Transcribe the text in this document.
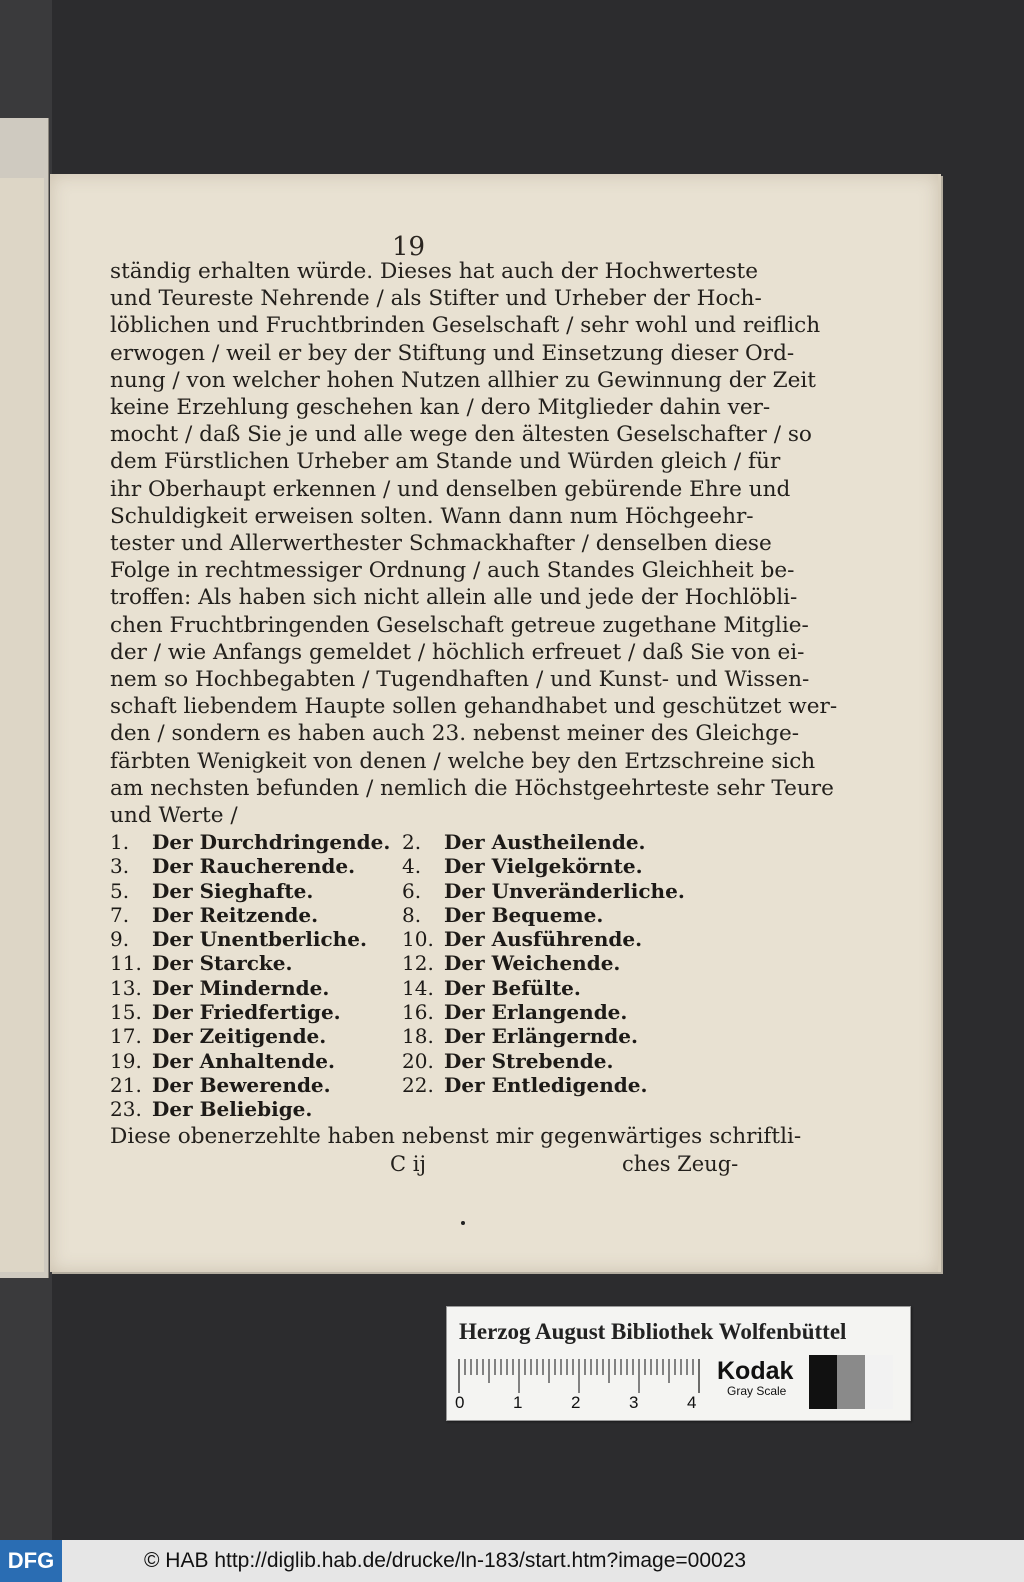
19
ständig erhalten würde. Dieses hat auch der Hochwerteste
und Teureste Nehrende / als Stifter und Urheber der Hoch-
löblichen und Fruchtbrinden Geselschaft / sehr wohl und reiflich
erwogen / weil er bey der Stiftung und Einsetzung dieser Ord-
nung / von welcher hohen Nutzen allhier zu Gewinnung der Zeit
keine Erzehlung geschehen kan / dero Mitglieder dahin ver-
mocht / daß Sie je und alle wege den ältesten Geselschafter / so
dem Fürstlichen Urheber am Stande und Würden gleich / für
ihr Oberhaupt erkennen / und denselben gebürende Ehre und
Schuldigkeit erweisen solten. Wann dann num Höchgeehr-
tester und Allerwerthester Schmackhafter / denselben diese
Folge in rechtmessiger Ordnung / auch Standes Gleichheit be-
troffen: Als haben sich nicht allein alle und jede der Hochlöbli-
chen Fruchtbringenden Geselschaft getreue zugethane Mitglie-
der / wie Anfangs gemeldet / höchlich erfreuet / daß Sie von ei-
nem so Hochbegabten / Tugendhaften / und Kunst- und Wissen-
schaft liebendem Haupte sollen gehandhabet und geschützet wer-
den / sondern es haben auch 23. nebenst meiner des Gleichge-
färbten Wenigkeit von denen / welche bey den Ertzschreine sich
am nechsten befunden / nemlich die Höchstgeehrteste sehr Teure
und Werte /
1. Der Durchdringende. 2. Der Austheilende.
3. Der Raucherende. 4. Der Vielgekörnte.
5. Der Sieghafte.	6. Der Unveränderliche.
7. Der Reitzende.	8. Der Bequeme.
9. Der Unentberliche. 10. Der Ausführende.
11. Der Starcke.	12. Der Weichende.
13. Der Mindernde.	14. Der Befülte.
15. Der Friedfertige.	16. Der Erlangende.
17. Der Zeitigende.	18. Der Erlängernde.
19. Der Anhaltende.	20. Der Strebende.
21. Der Bewerende.	22. Der Entledigende.
23. Der Beliebige.
Diese obenerzehlte haben nebenst mir gegenwärtiges schriftli-
C ij	ches Zeug-
Herzog August Bibliothek Wolfenbüttel
0	1	2	3	4
Kodak
Gray Scale
DFG	© HAB http://diglib.hab.de/drucke/ln-183/start.htm?image=00023
